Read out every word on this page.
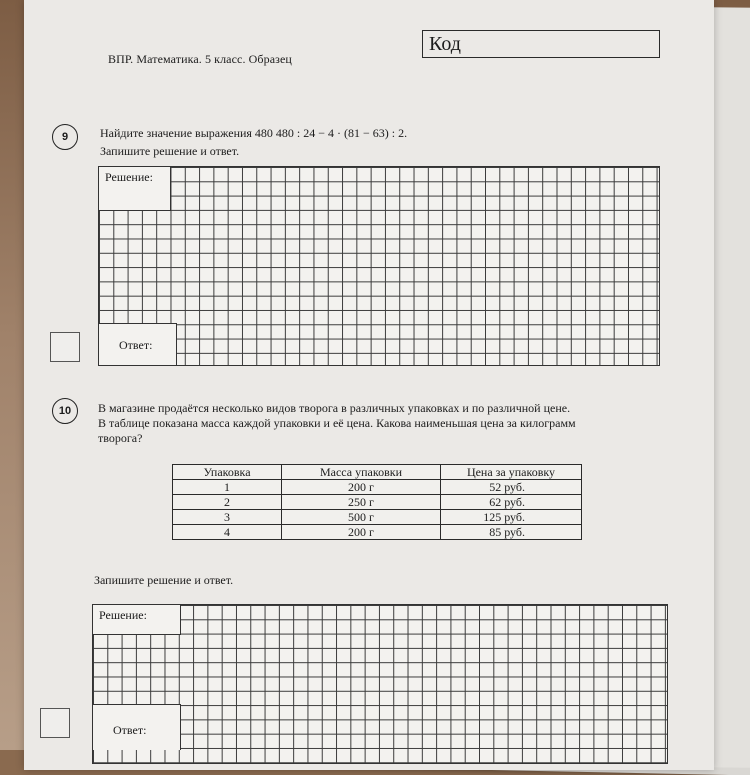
ВПР. Математика. 5 класс. Образец
Код
9	Найдите значение выражения 480 480 : 24 − 4 · (81 − 63) : 2.
Запишите решение и ответ.
Решение:
Ответ:
10	В магазине продаётся несколько видов творога в различных упаковках и по различной цене.
В таблице показана масса каждой упаковки и её цена. Какова наименьшая цена за килограмм
творога?
Упаковка	Масса упаковки	Цена за упаковку
1	200 г	52 руб.
2	250 г	62 руб.
3	500 г	125 руб.
4	200 г	85 руб.
Запишите решение и ответ.
Решение:
Ответ:
